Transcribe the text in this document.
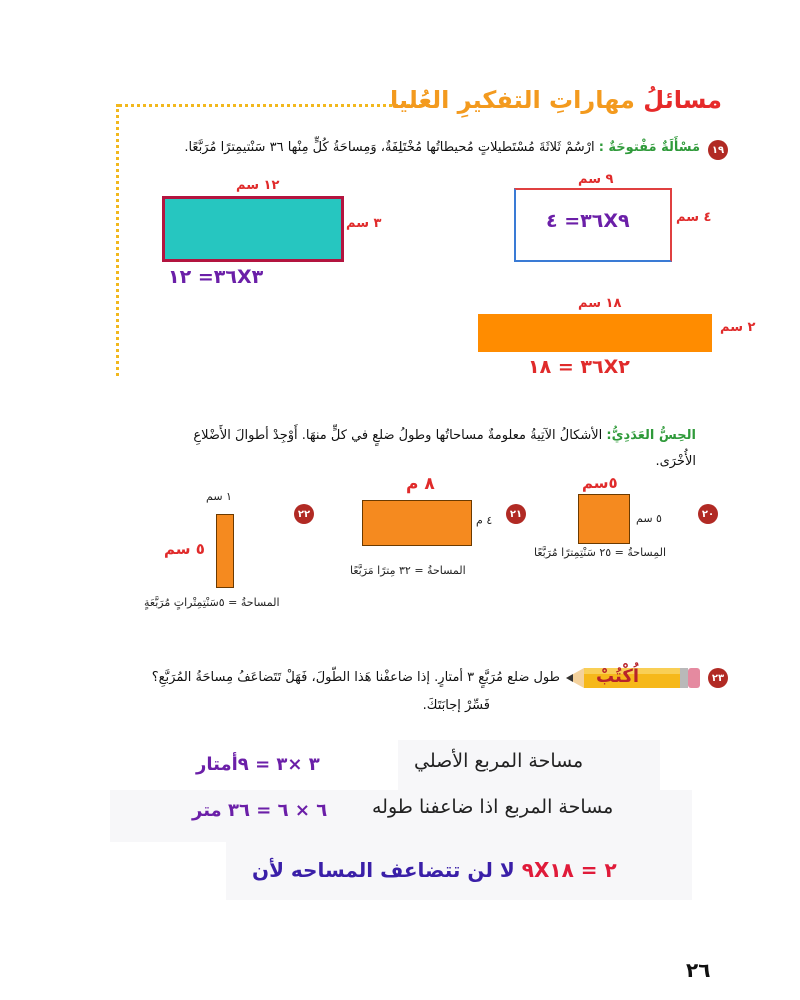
مسائلُ مهاراتِ التفكيرِ العُليا
١٩
مَسْأَلَةٌ مَفْتوحَةٌ : ارْسُمْ ثَلاثَةَ مُسْتَطيلاتٍ مُحيطاتُها مُخْتَلِفَةٌ، وَمِساحَةُ كُلٍّ مِنْها ٣٦ سَنْتيمِترًا مُرَبَّعًا.
١٢ سم
٣ سم
٣٦= ١٢X٣
٩ سم
٣٦= ٤X٩	٤ سم
١٨ سم
٢ سم
٣٦ = ١٨X٢
الحِسُّ العَدَدِيُّ: الأشكالُ الآتِيةُ معلومةٌ مساحاتُها وطولُ ضلعٍ في كلٍّ منهَا. أَوْجِدْ أطوالَ الأَضْلاعِ
الأُخْرَى.
٢٠
٥سم
٥ سم
المِساحةُ = ٢٥ سَنْتِمِترًا مُرَبَّعًا
٢١
٨ م
٤ م
المساحةُ = ٣٢ مِترًا مَرَبَّعًا
٢٢
١ سم
٥ سم
المساحةُ = ٥سَنْتِمِتْراتٍ مُرَبَّعَةٍ
٢٣
اُكْتُبْ
طول ضلع مُرَبَّعٍ ٣ أمتارٍ. إذا ضاعفْنا هَذا الطّولَ، فَهَلْ تَتَضاعَفُ مِساحَةُ المُرَبَّعِ؟
فَسِّرْ إجابَتَكَ.
مساحة المربع الأصلي
٣ ×٣ = ٩أمتار
مساحة المربع اذا ضاعفنا طوله
٦ × ٦ = ٣٦ متر
٩X٢ = ١٨ لا لن تتضاعف المساحه لأن
٢٦
